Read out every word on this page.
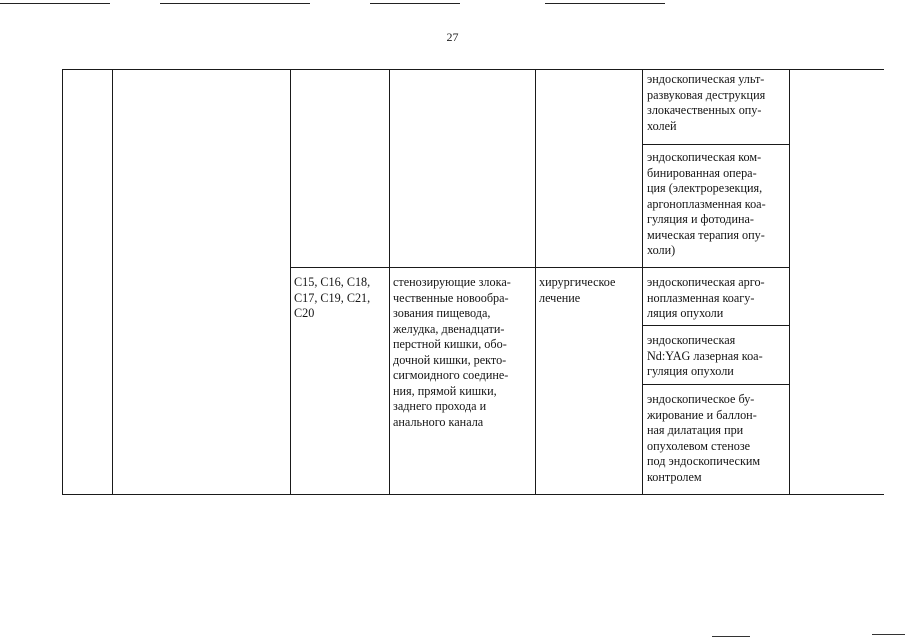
27
эндоскопическая ульт-
развуковая деструкция
злокачественных опу-
холей
эндоскопическая ком-
бинированная опера-
ция (электрорезекция,
аргоноплазменная коа-
гуляция и фотодина-
мическая терапия опу-
холи)
C15, C16, C18,
C17, C19, C21,
C20
стенозирующие злока-
чественные новообра-
зования пищевода,
желудка, двенадцати-
перстной кишки, обо-
дочной кишки, ректо-
сигмоидного соедине-
ния, прямой кишки,
заднего прохода и
анального канала
хирургическое
лечение
эндоскопическая арго-
ноплазменная коагу-
ляция опухоли
эндоскопическая
Nd:YAG лазерная коа-
гуляция опухоли
эндоскопическое бу-
жирование и баллон-
ная дилатация при
опухолевом стенозе
под эндоскопическим
контролем
